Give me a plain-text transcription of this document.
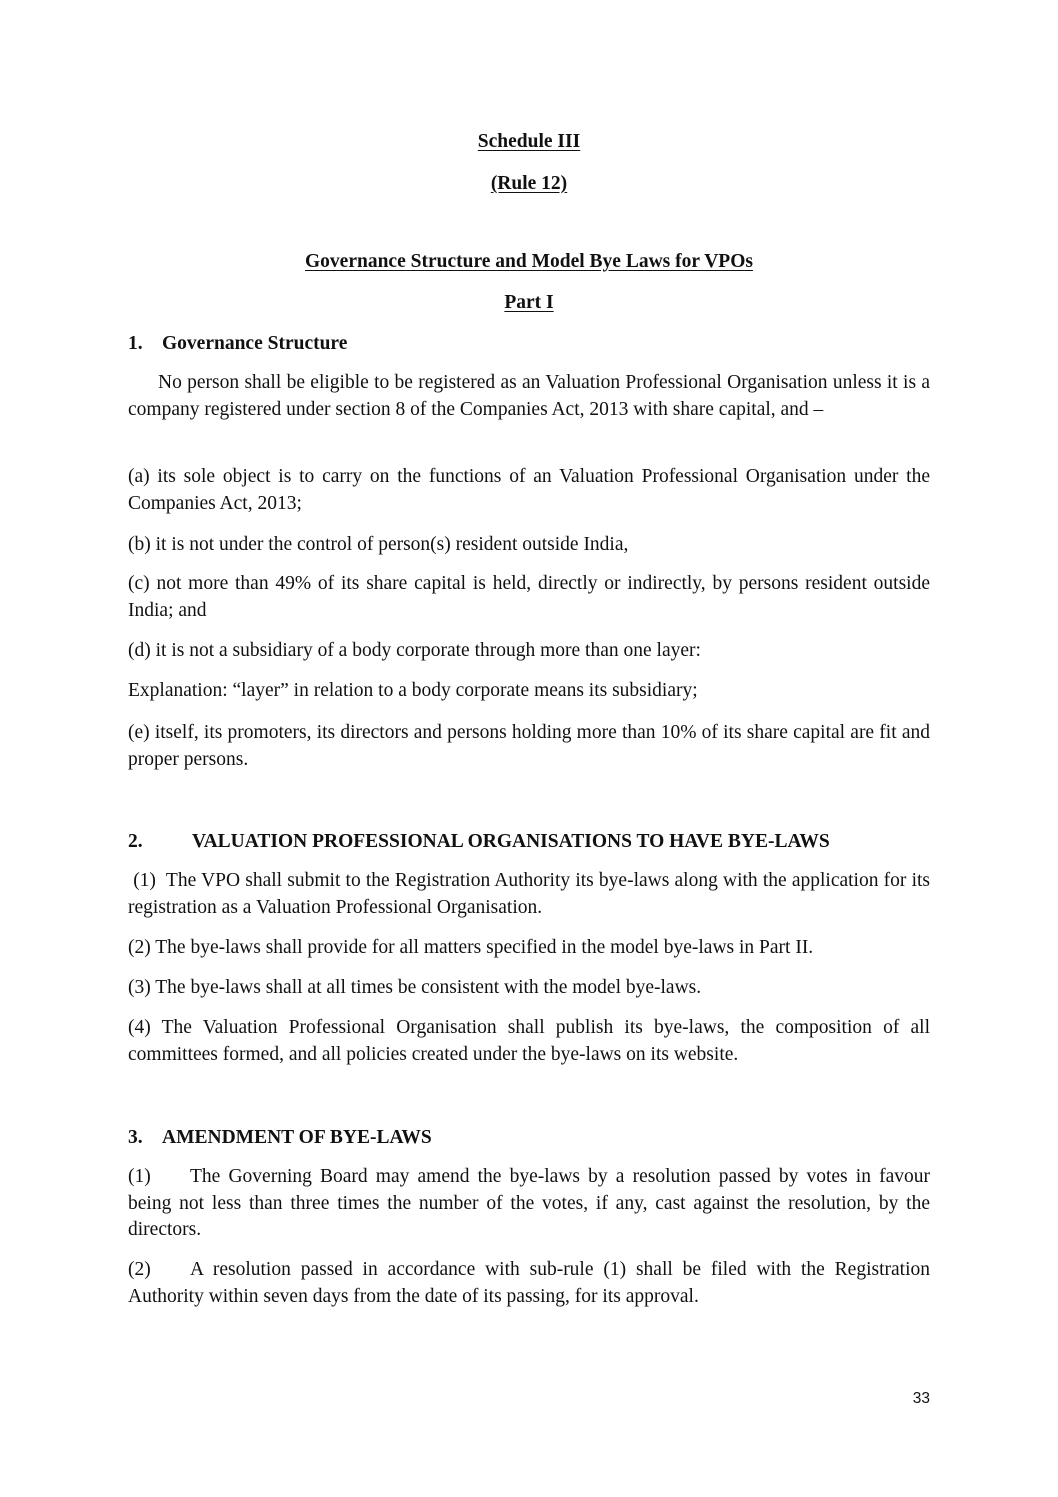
Schedule III

(Rule 12)

Governance Structure and Model Bye Laws for VPOs

Part I

1. Governance Structure

No person shall be eligible to be registered as an Valuation Professional Organisation unless it is a company registered under section 8 of the Companies Act, 2013 with share capital, and –

(a) its sole object is to carry on the functions of an Valuation Professional Organisation under the Companies Act, 2013;

(b) it is not under the control of person(s) resident outside India,

(c) not more than 49% of its share capital is held, directly or indirectly, by persons resident outside India; and

(d) it is not a subsidiary of a body corporate through more than one layer:

Explanation: “layer” in relation to a body corporate means its subsidiary;

(e) itself, its promoters, its directors and persons holding more than 10% of its share capital are fit and proper persons.

2.	VALUATION PROFESSIONAL ORGANISATIONS TO HAVE BYE-LAWS

(1)  The VPO shall submit to the Registration Authority its bye-laws along with the application for its registration as a Valuation Professional Organisation.

(2) The bye-laws shall provide for all matters specified in the model bye-laws in Part II.

(3) The bye-laws shall at all times be consistent with the model bye-laws.

(4) The Valuation Professional Organisation shall publish its bye-laws, the composition of all committees formed, and all policies created under the bye-laws on its website.

3. AMENDMENT OF BYE-LAWS

(1) The Governing Board may amend the bye-laws by a resolution passed by votes in favour being not less than three times the number of the votes, if any, cast against the resolution, by the directors.

(2) A resolution passed in accordance with sub-rule (1) shall be filed with the Registration Authority within seven days from the date of its passing, for its approval.

33
